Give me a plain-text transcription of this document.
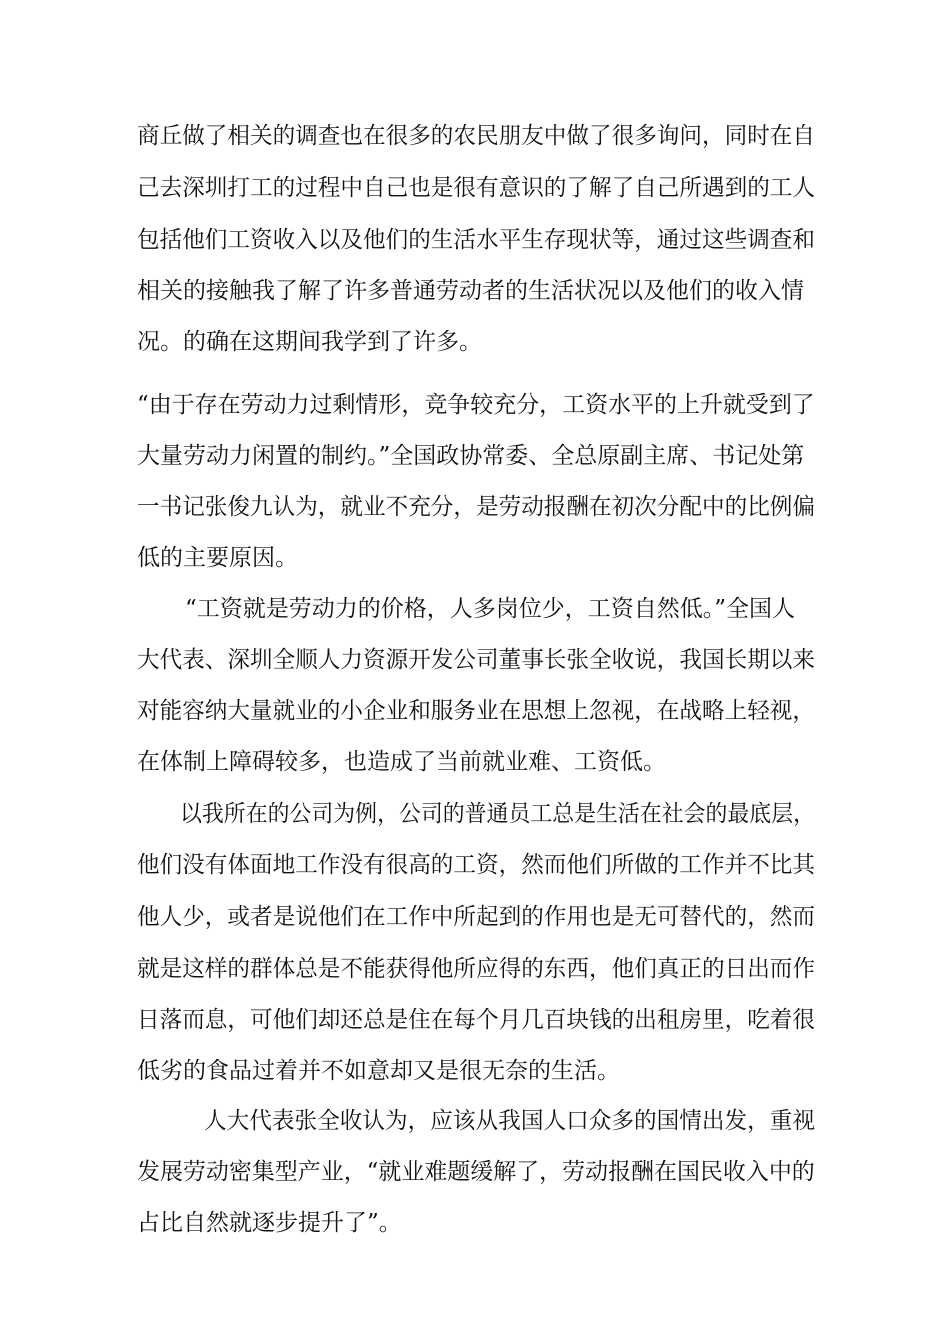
商丘做了相关的调查也在很多的农民朋友中做了很多询问，同时在自
己去深圳打工的过程中自己也是很有意识的了解了自己所遇到的工人
包括他们工资收入以及他们的生活水平生存现状等，通过这些调查和
相关的接触我了解了许多普通劳动者的生活状况以及他们的收入情
况。的确在这期间我学到了许多。
“由于存在劳动力过剩情形，竞争较充分，工资水平的上升就受到了
大量劳动力闲置的制约。”全国政协常委、全总原副主席、书记处第
一书记张俊九认为，就业不充分，是劳动报酬在初次分配中的比例偏
低的主要原因。
“工资就是劳动力的价格，人多岗位少，工资自然低。”全国人
大代表、深圳全顺人力资源开发公司董事长张全收说，我国长期以来
对能容纳大量就业的小企业和服务业在思想上忽视，在战略上轻视，
在体制上障碍较多，也造成了当前就业难、工资低。
以我所在的公司为例，公司的普通员工总是生活在社会的最底层，
他们没有体面地工作没有很高的工资，然而他们所做的工作并不比其
他人少，或者是说他们在工作中所起到的作用也是无可替代的，然而
就是这样的群体总是不能获得他所应得的东西，他们真正的日出而作
日落而息，可他们却还总是住在每个月几百块钱的出租房里，吃着很
低劣的食品过着并不如意却又是很无奈的生活。
人大代表张全收认为，应该从我国人口众多的国情出发，重视
发展劳动密集型产业，“就业难题缓解了，劳动报酬在国民收入中的
占比自然就逐步提升了”。
